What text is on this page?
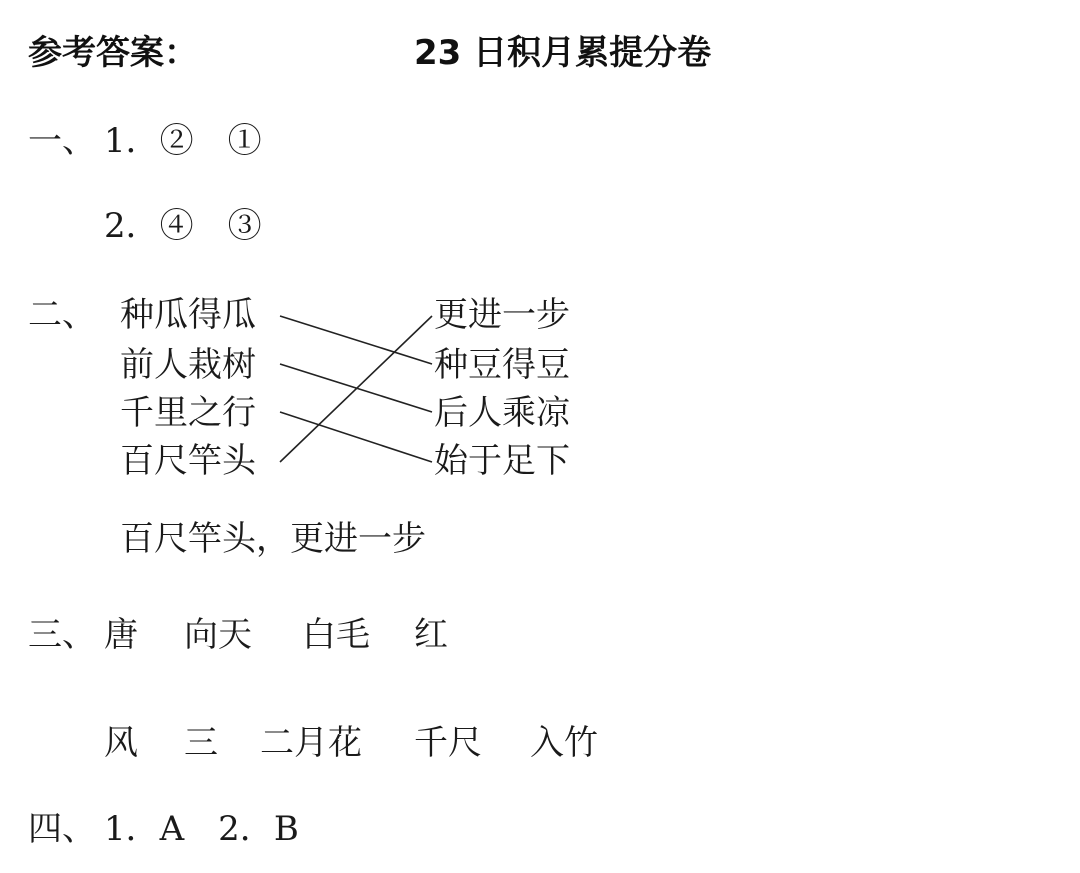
参考答案：	23 日积月累提分卷
一、 1．②　①
2．④　③
二、 种瓜得瓜
前人栽树
千里之行
百尺竿头
更进一步
种豆得豆
后人乘凉
始于足下
百尺竿头，更进一步
三、 唐 向天 白毛 红
风 三 二月花 千尺 入竹
四、 1．A　2．B
